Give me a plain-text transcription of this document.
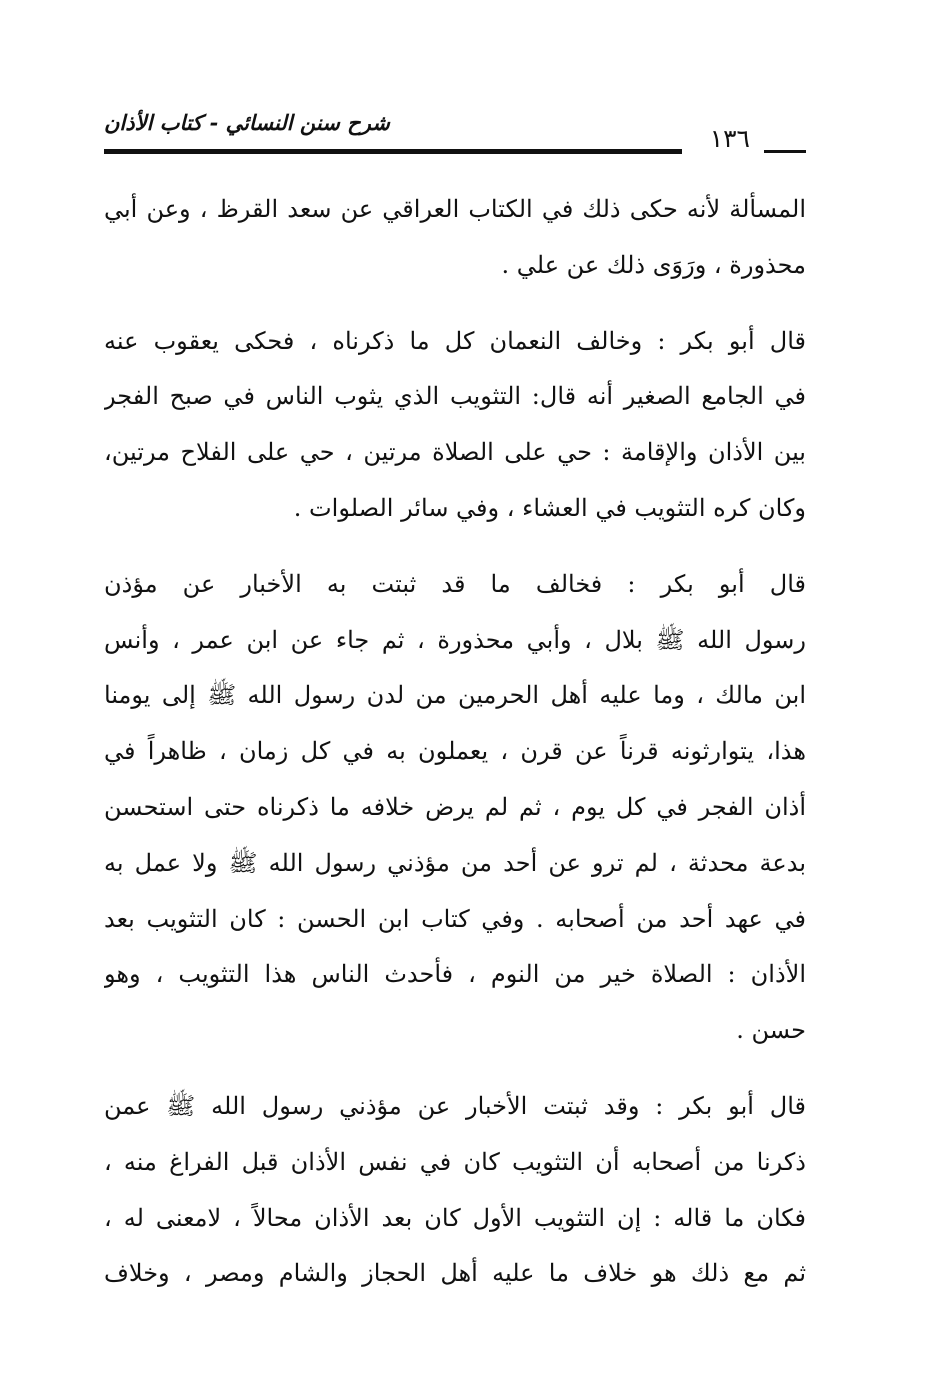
شرح سنن النسائي - كتاب الأذان
١٣٦
المسألة لأنه حكى ذلك في الكتاب العراقي عن سعد القرظ ، وعن أبي
محذورة ، ورَوَى ذلك عن علي .
قال أبو بكر : وخالف النعمان كل ما ذكرناه ، فحكى يعقوب عنه
في الجامع الصغير أنه قال: التثويب الذي يثوب الناس في صبح الفجر
بين الأذان والإقامة : حي على الصلاة مرتين ، حي على الفلاح مرتين،
وكان كره التثويب في العشاء ، وفي سائر الصلوات .
قال أبو بكر : فخالف ما قد ثبتت به الأخبار عن مؤذن
رسول الله ﷺ بلال ، وأبي محذورة ، ثم جاء عن ابن عمر ، وأنس
ابن مالك ، وما عليه أهل الحرمين من لدن رسول الله ﷺ إلى يومنا
هذا، يتوارثونه قرناً عن قرن ، يعملون به في كل زمان ، ظاهراً في
أذان الفجر في كل يوم ، ثم لم يرض خلافه ما ذكرناه حتى استحسن
بدعة محدثة ، لم ترو عن أحد من مؤذني رسول الله ﷺ ولا عمل به
في عهد أحد من أصحابه . وفي كتاب ابن الحسن : كان التثويب بعد
الأذان : الصلاة خير من النوم ، فأحدث الناس هذا التثويب ، وهو
حسن .
قال أبو بكر : وقد ثبتت الأخبار عن مؤذني رسول الله ﷺ عمن
ذكرنا من أصحابه أن التثويب كان في نفس الأذان قبل الفراغ منه ،
فكان ما قاله : إن التثويب الأول كان بعد الأذان محالاً ، لامعنى له ،
ثم مع ذلك هو خلاف ما عليه أهل الحجاز والشام ومصر ، وخلاف
